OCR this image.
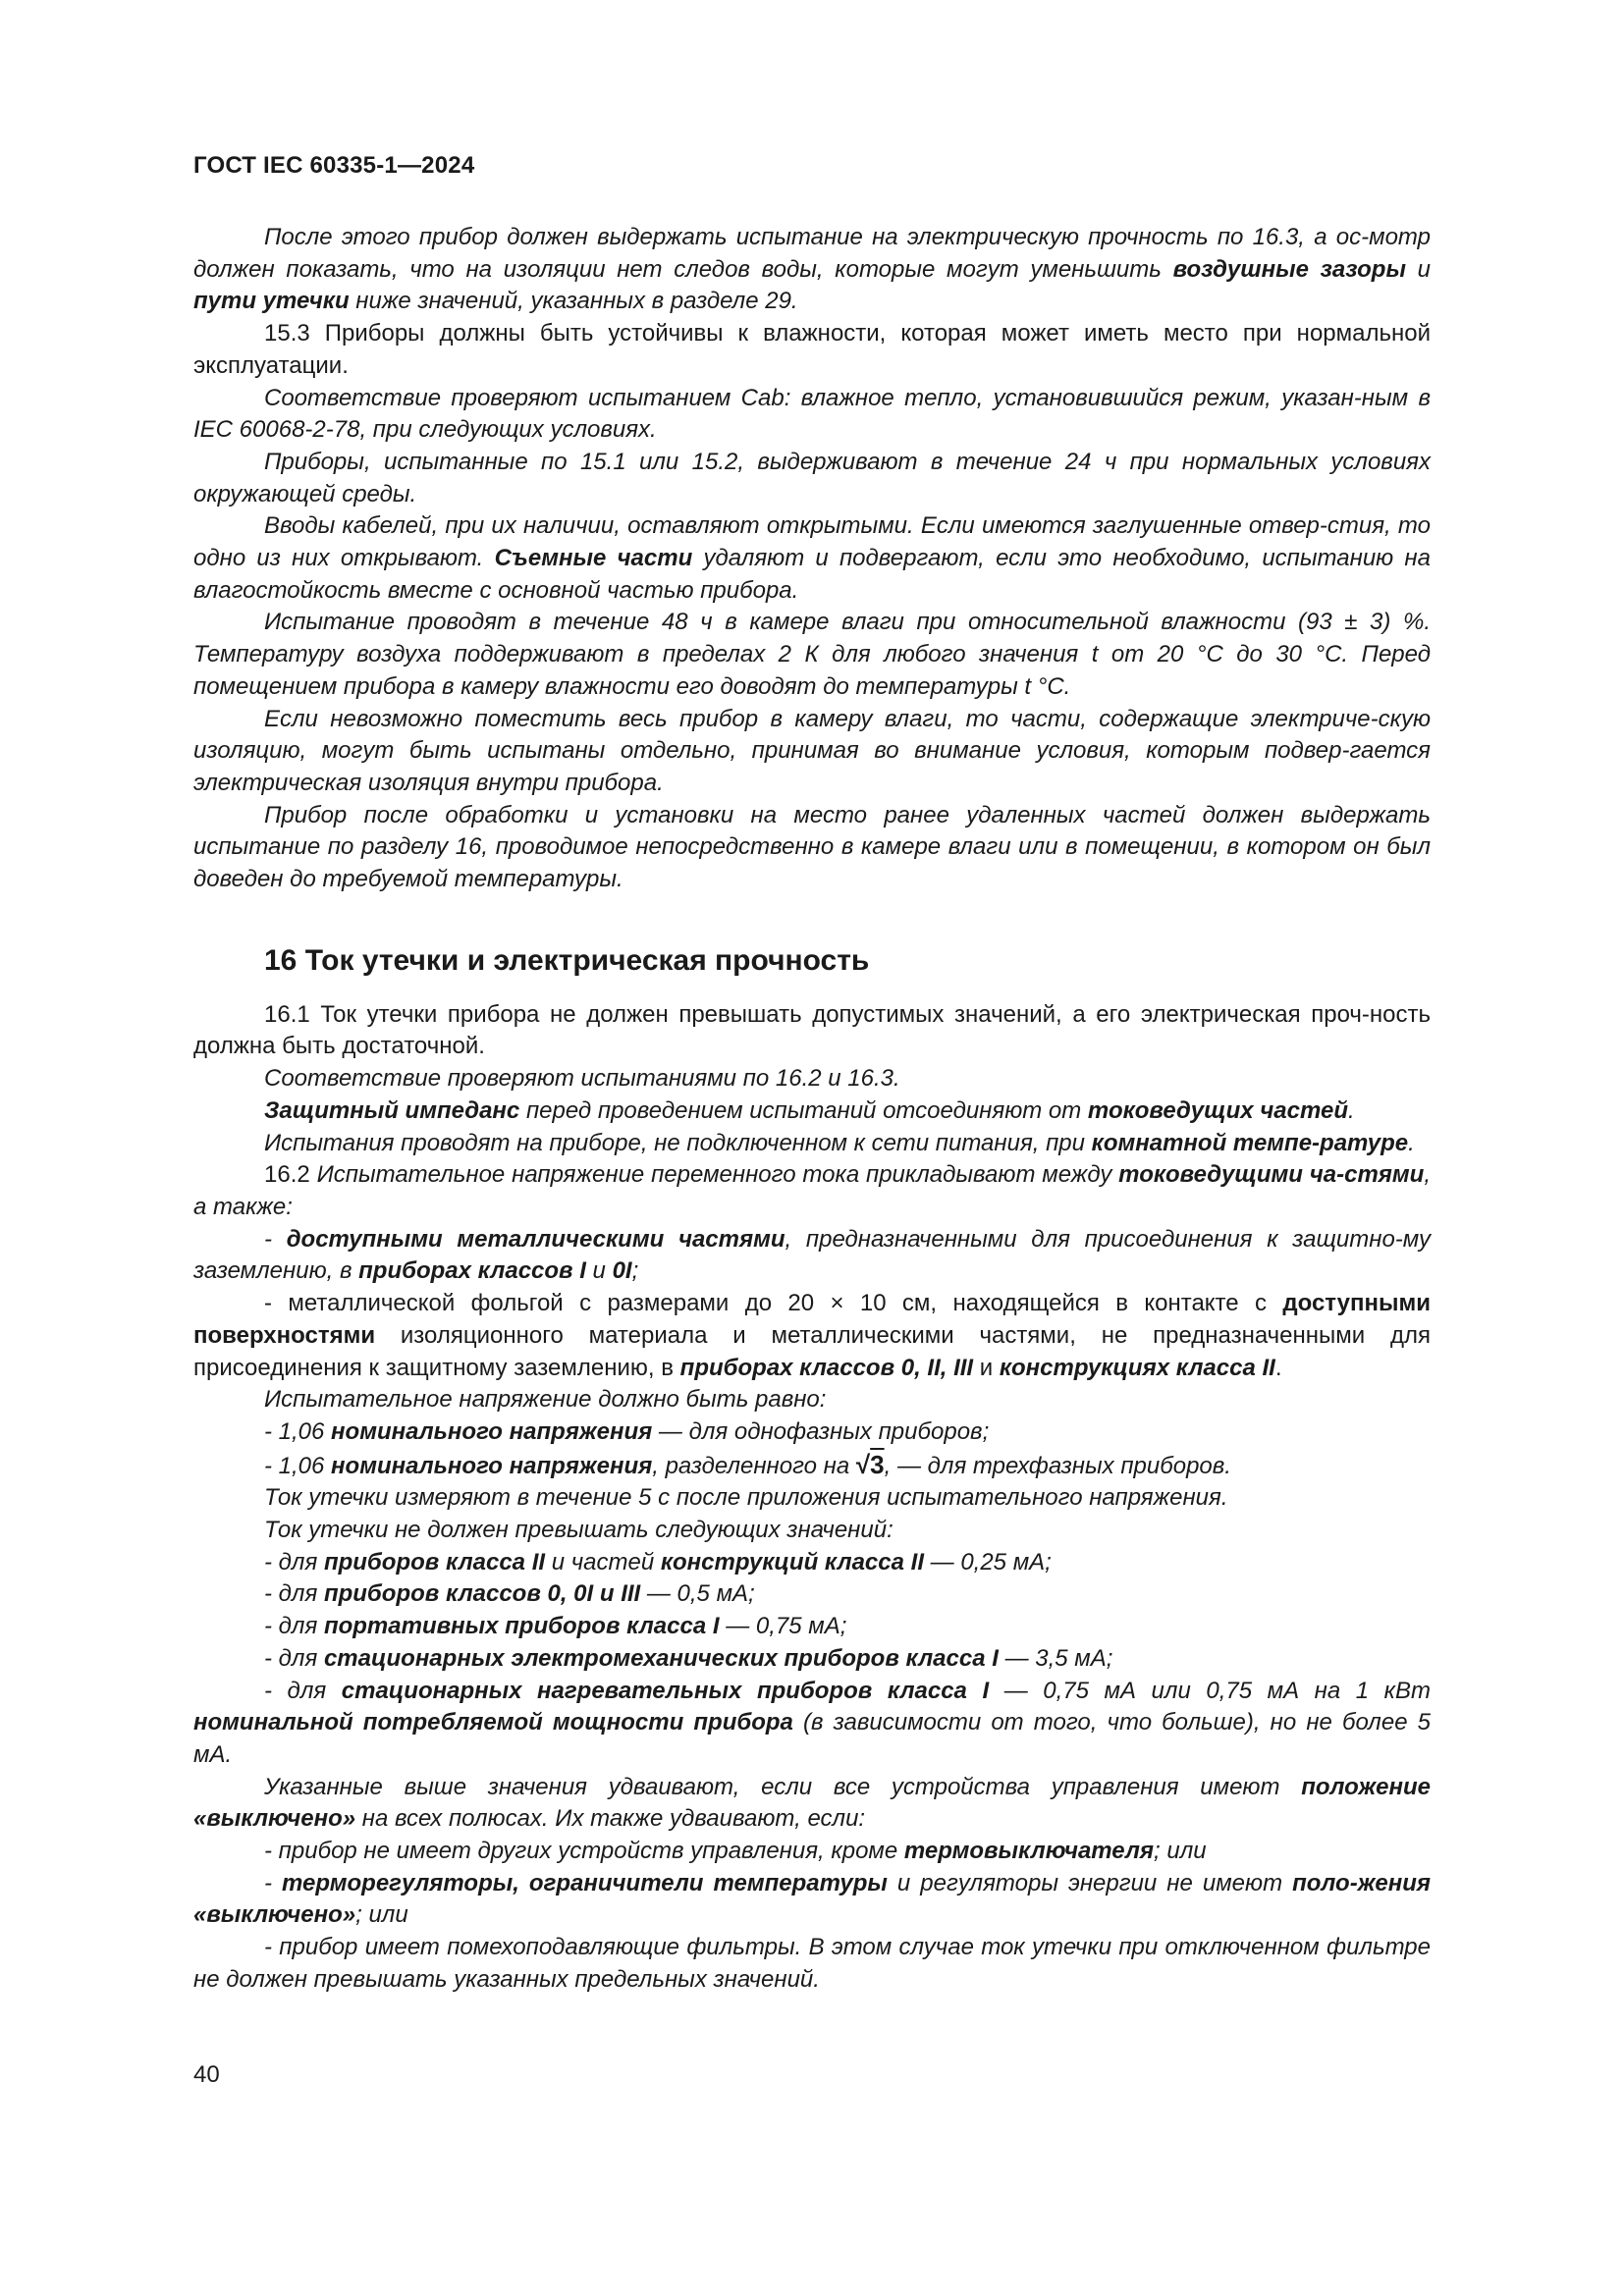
ГОСТ IEC 60335-1—2024

После этого прибор должен выдержать испытание на электрическую прочность по 16.3, а ос-мотр должен показать, что на изоляции нет следов воды, которые могут уменьшить воздушные зазоры и пути утечки ниже значений, указанных в разделе 29.

15.3 Приборы должны быть устойчивы к влажности, которая может иметь место при нормальной эксплуатации.

Соответствие проверяют испытанием Cab: влажное тепло, установившийся режим, указан-ным в IEC 60068-2-78, при следующих условиях.

Приборы, испытанные по 15.1 или 15.2, выдерживают в течение 24 ч при нормальных условиях окружающей среды.

Вводы кабелей, при их наличии, оставляют открытыми. Если имеются заглушенные отвер-стия, то одно из них открывают. Съемные части удаляют и подвергают, если это необходимо, испытанию на влагостойкость вместе с основной частью прибора.

Испытание проводят в течение 48 ч в камере влаги при относительной влажности (93 ± 3) %. Температуру воздуха поддерживают в пределах 2 К для любого значения t от 20 °С до 30 °С. Перед помещением прибора в камеру влажности его доводят до температуры t °С.

Если невозможно поместить весь прибор в камеру влаги, то части, содержащие электриче-скую изоляцию, могут быть испытаны отдельно, принимая во внимание условия, которым подвер-гается электрическая изоляция внутри прибора.

Прибор после обработки и установки на место ранее удаленных частей должен выдержать испытание по разделу 16, проводимое непосредственно в камере влаги или в помещении, в котором он был доведен до требуемой температуры.

16 Ток утечки и электрическая прочность

16.1 Ток утечки прибора не должен превышать допустимых значений, а его электрическая проч-ность должна быть достаточной.

Соответствие проверяют испытаниями по 16.2 и 16.3.

Защитный импеданс перед проведением испытаний отсоединяют от токоведущих частей.

Испытания проводят на приборе, не подключенном к сети питания, при комнатной темпе-ратуре.

16.2 Испытательное напряжение переменного тока прикладывают между токоведущими ча-стями, а также:

- доступными металлическими частями, предназначенными для присоединения к защитно-му заземлению, в приборах классов I и 0I;

- металлической фольгой с размерами до 20 × 10 см, находящейся в контакте с доступными поверхностями изоляционного материала и металлическими частями, не предназначенными для присоединения к защитному заземлению, в приборах классов 0, II, III и конструкциях класса II.

Испытательное напряжение должно быть равно:

- 1,06 номинального напряжения — для однофазных приборов;

- 1,06 номинального напряжения, разделенного на √3, — для трехфазных приборов.

Ток утечки измеряют в течение 5 с после приложения испытательного напряжения.

Ток утечки не должен превышать следующих значений:

- для приборов класса II и частей конструкций класса II — 0,25 мА;

- для приборов классов 0, 0I и III — 0,5 мА;

- для портативных приборов класса I — 0,75 мА;

- для стационарных электромеханических приборов класса I — 3,5 мА;

- для стационарных нагревательных приборов класса I — 0,75 мА или 0,75 мА на 1 кВт номинальной потребляемой мощности прибора (в зависимости от того, что больше), но не более 5 мА.

Указанные выше значения удваивают, если все устройства управления имеют положение «выключено» на всех полюсах. Их также удваивают, если:

- прибор не имеет других устройств управления, кроме термовыключателя; или

- терморегуляторы, ограничители температуры и регуляторы энергии не имеют поло-жения «выключено»; или

- прибор имеет помехоподавляющие фильтры. В этом случае ток утечки при отключенном фильтре не должен превышать указанных предельных значений.

40
